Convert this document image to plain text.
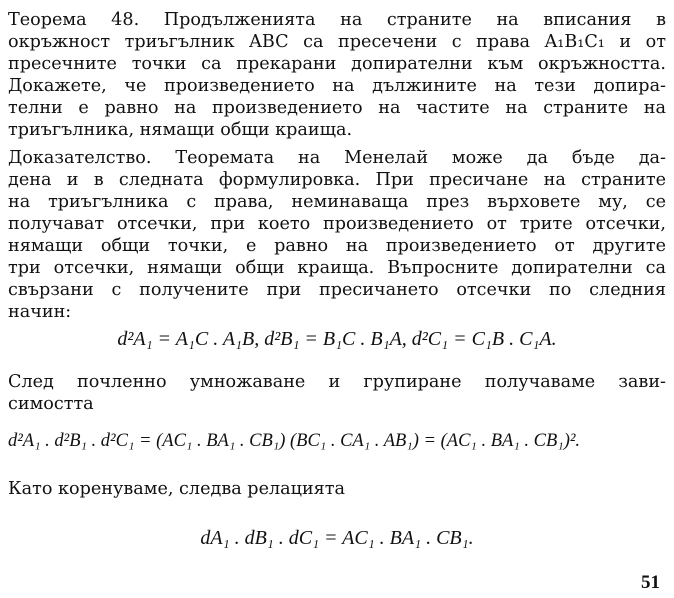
Теорема 48. Продълженията на страните на вписания в
окръжност триъгълник ABC са пресечени с права A₁B₁C₁ и от
пресечните точки са прекарани допирателни към окръжността.
Докажете, че произведението на дължините на тези допира-
телни е равно на произведението на частите на страните на
триъгълника, нямащи общи краища.
Доказателство. Теоремата на Менелай може да бъде да-
дена и в следната формулировка. При пресичане на страните
на триъгълника с права, неминаваща през върховете му, се
получават отсечки, при което произведението от трите отсечки,
нямащи общи точки, е равно на произведението от другите
три отсечки, нямащи общи краища. Въпросните допирателни са
свързани с получените при пресичането отсечки по следния
начин:
d²A₁ = A₁C . A₁B, d²B₁ = B₁C . B₁A, d²C₁ = C₁B . C₁A.
След почленно умножаване и групиране получаваме зави-
симостта
d²A₁ . d²B₁ . d²C₁ = (AC₁ . BA₁ . CB₁) (BC₁ . CA₁ . AB₁) = (AC₁ . BA₁ . CB₁)².
Като коренуваме, следва релацията
dA₁ . dB₁ . dC₁ = AC₁ . BA₁ . CB₁.
51
